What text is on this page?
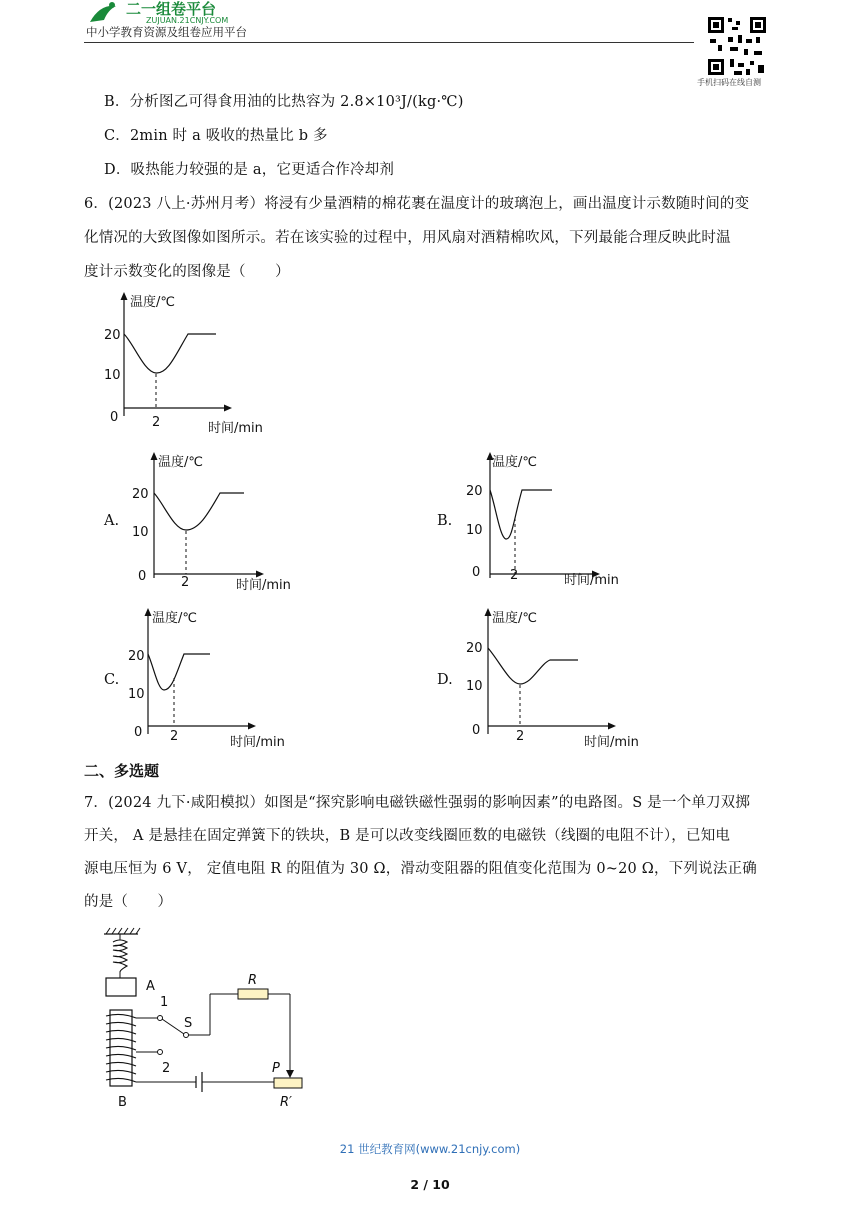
二一组卷平台
ZUJUAN.21CNJY.COM
中小学教育资源及组卷应用平台
手机扫码在线自测
B．分析图乙可得食用油的比热容为 2.8×10³J/(kg·℃)
C．2min 时 a 吸收的热量比 b 多
D．吸热能力较强的是 a，它更适合作冷却剂
6．(2023 八上·苏州月考）将浸有少量酒精的棉花裹在温度计的玻璃泡上，画出温度计示数随时间的变
化情况的大致图像如图所示。若在该实验的过程中，用风扇对酒精棉吹风，下列最能合理反映此时温
度计示数变化的图像是（　　）
温度/℃
20
10
0	2	时间/min
A.
温度/℃
20
10
0	2	时间/min
B.
温度/℃
20
10
0 2	时间/min
C.
温度/℃
20
10
0 2	时间/min
D.
温度/℃
20
10
0	2	时间/min
二、多选题
7．(2024 九下·咸阳模拟）如图是“探究影响电磁铁磁性强弱的影响因素”的电路图。S 是一个单刀双掷
开关， A 是悬挂在固定弹簧下的铁块，B 是可以改变线圈匝数的电磁铁（线圈的电阻不计），已知电
源电压恒为 6 V， 定值电阻 R 的阻值为 30 Ω，滑动变阻器的阻值变化范围为 0~20 Ω，下列说法正确
的是（　　）
A
B
1
2
S
R
P
R′
21 世纪教育网(www.21cnjy.com)
2 / 10
